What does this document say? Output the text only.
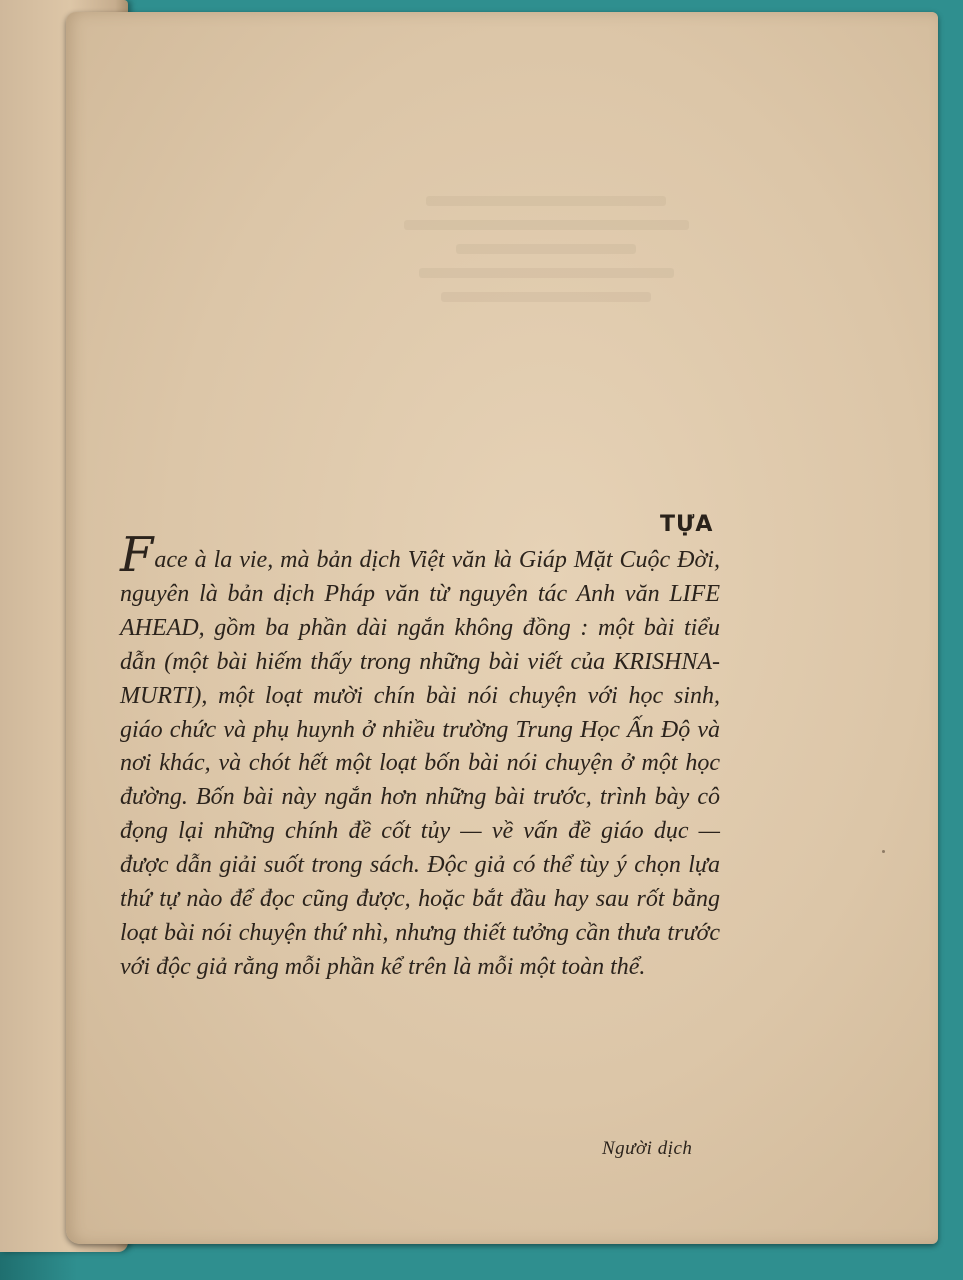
TỰA
Face à la vie, mà bản dịch Việt văn là Giáp Mặt Cuộc Đời, nguyên là bản dịch Pháp văn từ nguyên tác Anh văn LIFE AHEAD, gồm ba phần dài ngắn không đồng : một bài tiểu dẫn (một bài hiếm thấy trong những bài viết của KRISHNA-MURTI), một loạt mười chín bài nói chuyện với học sinh, giáo chức và phụ huynh ở nhiều trường Trung Học Ấn Độ và nơi khác, và chót hết một loạt bốn bài nói chuyện ở một học đường. Bốn bài này ngắn hơn những bài trước, trình bày cô đọng lại những chính đề cốt tủy — về vấn đề giáo dục — được dẫn giải suốt trong sách. Độc giả có thể tùy ý chọn lựa thứ tự nào để đọc cũng được, hoặc bắt đầu hay sau rốt bằng loạt bài nói chuyện thứ nhì, nhưng thiết tưởng cần thưa trước với độc giả rằng mỗi phần kể trên là mỗi một toàn thể.
Người dịch
